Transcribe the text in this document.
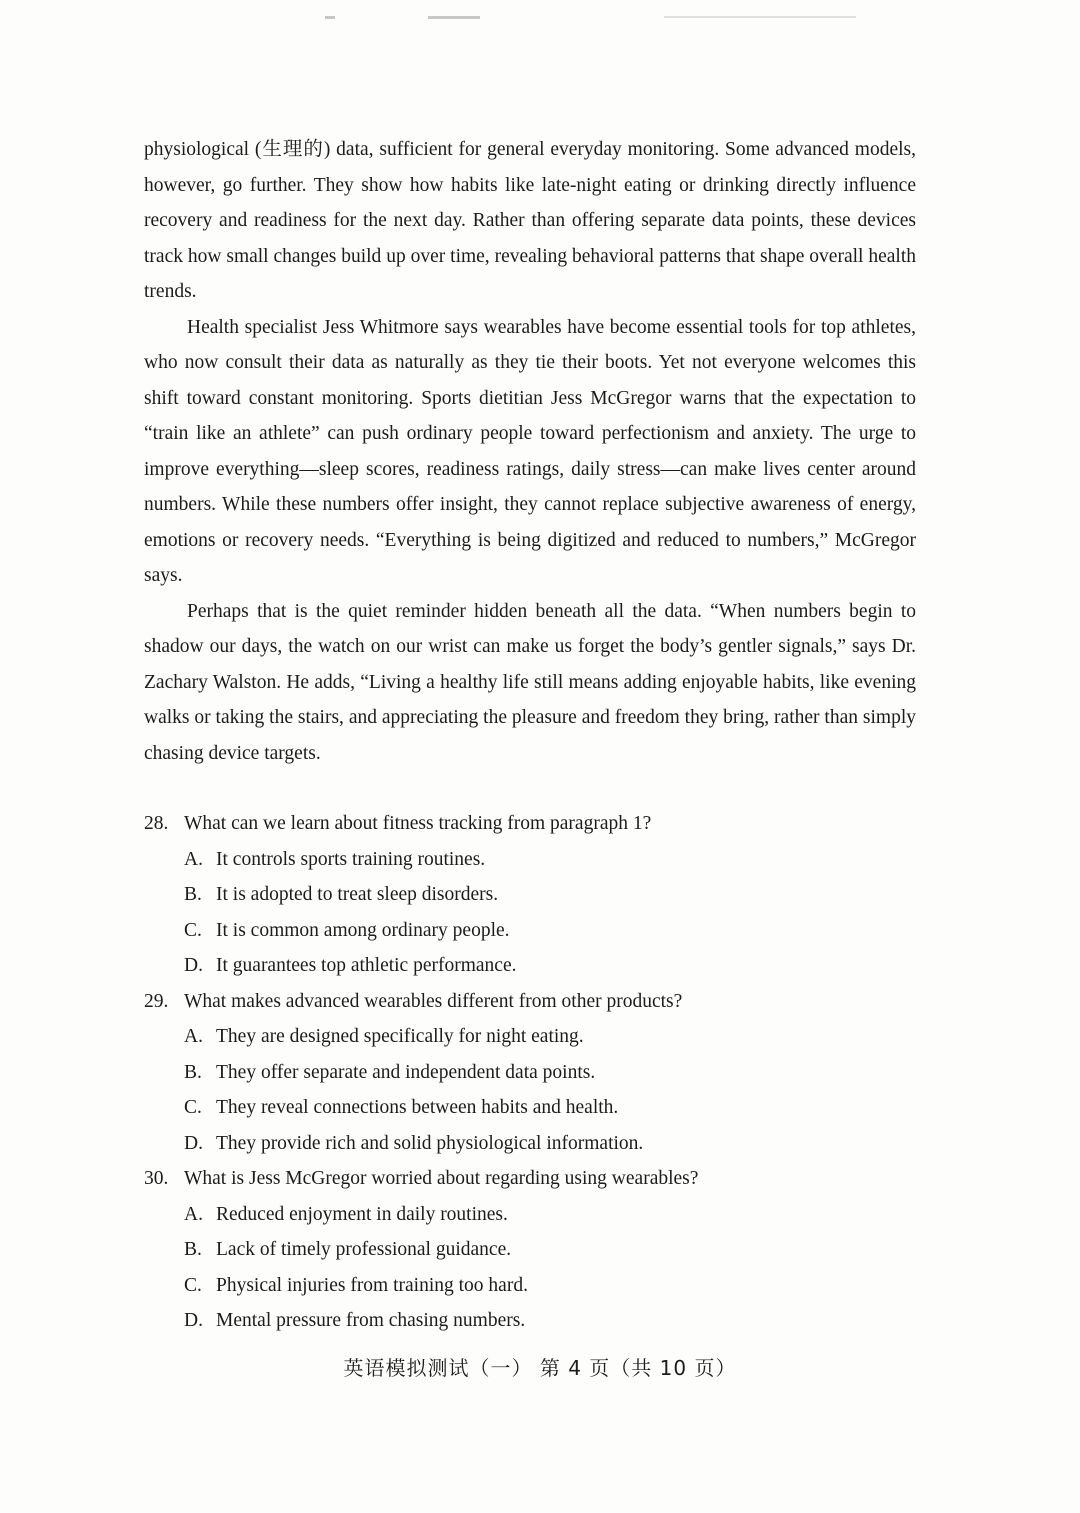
physiological (生理的) data, sufficient for general everyday monitoring. Some advanced models, however, go further. They show how habits like late-night eating or drinking directly influence recovery and readiness for the next day. Rather than offering separate data points, these devices track how small changes build up over time, revealing behavioral patterns that shape overall health trends.

Health specialist Jess Whitmore says wearables have become essential tools for top athletes, who now consult their data as naturally as they tie their boots. Yet not everyone welcomes this shift toward constant monitoring. Sports dietitian Jess McGregor warns that the expectation to “train like an athlete” can push ordinary people toward perfectionism and anxiety. The urge to improve everything—sleep scores, readiness ratings, daily stress—can make lives center around numbers. While these numbers offer insight, they cannot replace subjective awareness of energy, emotions or recovery needs. “Everything is being digitized and reduced to numbers,” McGregor says.

Perhaps that is the quiet reminder hidden beneath all the data. “When numbers begin to shadow our days, the watch on our wrist can make us forget the body’s gentler signals,” says Dr. Zachary Walston. He adds, “Living a healthy life still means adding enjoyable habits, like evening walks or taking the stairs, and appreciating the pleasure and freedom they bring, rather than simply chasing device targets.

28. What can we learn about fitness tracking from paragraph 1?
A. It controls sports training routines.
B. It is adopted to treat sleep disorders.
C. It is common among ordinary people.
D. It guarantees top athletic performance.
29. What makes advanced wearables different from other products?
A. They are designed specifically for night eating.
B. They offer separate and independent data points.
C. They reveal connections between habits and health.
D. They provide rich and solid physiological information.
30. What is Jess McGregor worried about regarding using wearables?
A. Reduced enjoyment in daily routines.
B. Lack of timely professional guidance.
C. Physical injuries from training too hard.
D. Mental pressure from chasing numbers.
英语模拟测试（一） 第 4 页（共 10 页）
